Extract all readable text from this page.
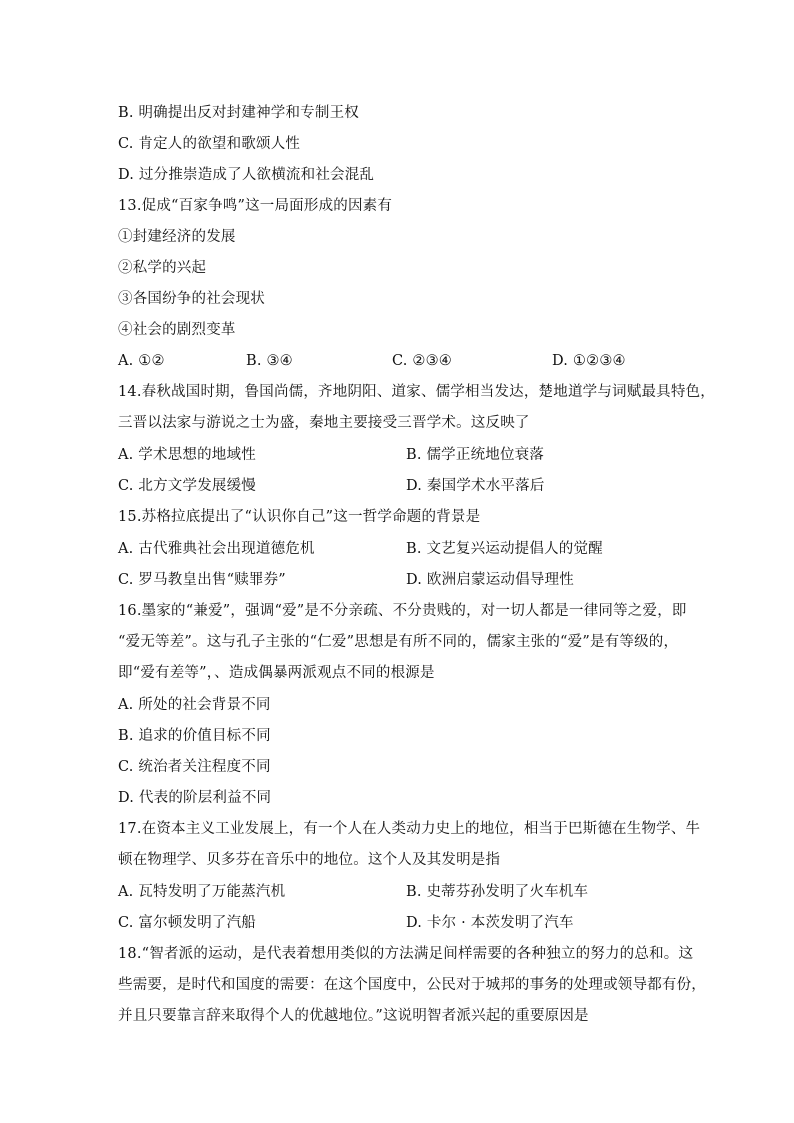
B. 明确提出反对封建神学和专制王权
C. 肯定人的欲望和歌颂人性
D. 过分推崇造成了人欲横流和社会混乱
13.促成“百家争鸣”这一局面形成的因素有
①封建经济的发展
②私学的兴起
③各国纷争的社会现状
④社会的剧烈变革
A. ①②	B. ③④	C. ②③④	D. ①②③④
14.春秋战国时期，鲁国尚儒，齐地阴阳、道家、儒学相当发达，楚地道学与词赋最具特色，
三晋以法家与游说之士为盛，秦地主要接受三晋学术。这反映了
A. 学术思想的地域性	B. 儒学正统地位衰落
C. 北方文学发展缓慢	D. 秦国学术水平落后
15.苏格拉底提出了“认识你自己”这一哲学命题的背景是
A. 古代雅典社会出现道德危机	B. 文艺复兴运动提倡人的觉醒
C. 罗马教皇出售“赎罪券”	D. 欧洲启蒙运动倡导理性
16.墨家的“兼爱”，强调“爱”是不分亲疏、不分贵贱的，对一切人都是一律同等之爱，即
“爱无等差”。这与孔子主张的“仁爱”思想是有所不同的，儒家主张的“爱”是有等级的，
即“爱有差等”，、造成偶暴两派观点不同的根源是
A. 所处的社会背景不同
B. 追求的价值目标不同
C. 统治者关注程度不同
D. 代表的阶层利益不同
17.在资本主义工业发展上，有一个人在人类动力史上的地位，相当于巴斯德在生物学、牛
顿在物理学、贝多芬在音乐中的地位。这个人及其发明是指
A. 瓦特发明了万能蒸汽机	B. 史蒂芬孙发明了火车机车
C. 富尔顿发明了汽船	D. 卡尔 · 本茨发明了汽车
18.“智者派的运动，是代表着想用类似的方法满足间样需要的各种独立的努力的总和。这
些需要，是时代和国度的需要：在这个国度中，公民对于城邦的事务的处理或领导都有份，
并且只要靠言辞来取得个人的优越地位。”这说明智者派兴起的重要原因是
